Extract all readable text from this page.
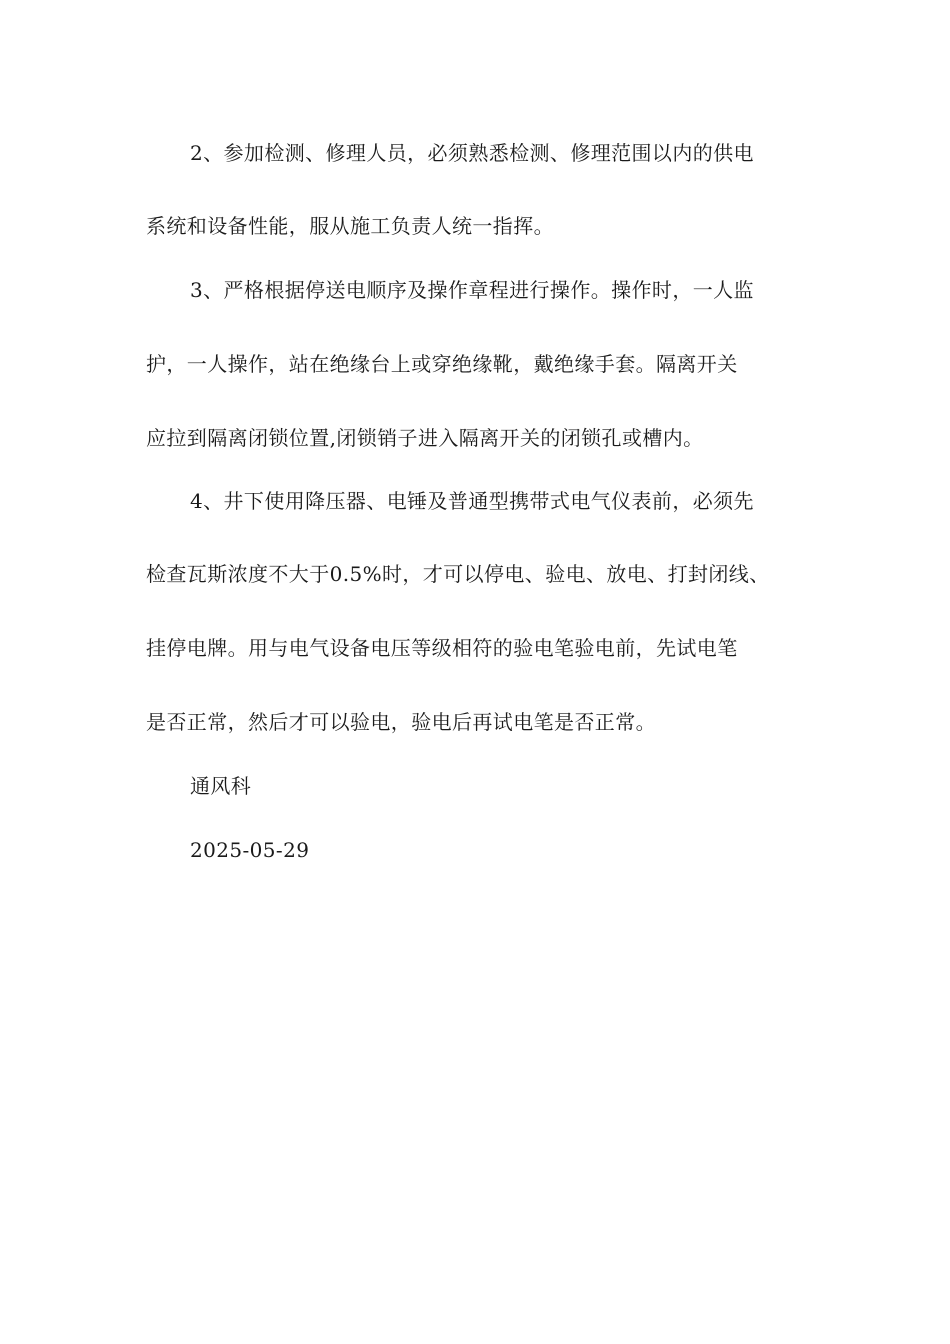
2、参加检测、修理人员，必须熟悉检测、修理范围以内的供电
系统和设备性能，服从施工负责人统一指挥。
3、严格根据停送电顺序及操作章程进行操作。操作时，一人监
护，一人操作，站在绝缘台上或穿绝缘靴，戴绝缘手套。隔离开关
应拉到隔离闭锁位置,闭锁销子进入隔离开关的闭锁孔或槽内。
4、井下使用降压器、电锤及普通型携带式电气仪表前，必须先
检查瓦斯浓度不大于0.5%时，才可以停电、验电、放电、打封闭线、
挂停电牌。用与电气设备电压等级相符的验电笔验电前，先试电笔
是否正常，然后才可以验电，验电后再试电笔是否正常。
通风科
2025-05-29
